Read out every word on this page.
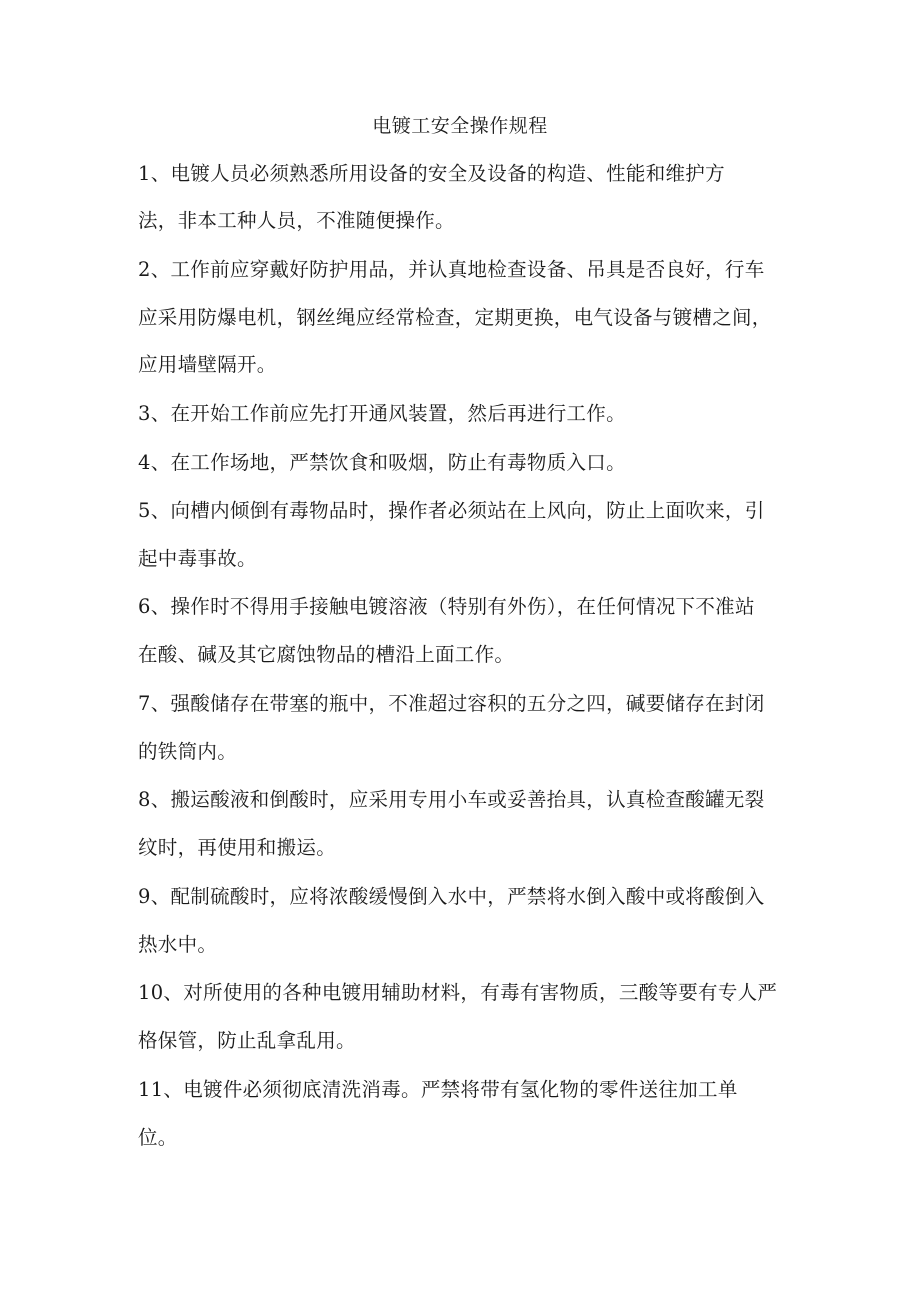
电镀工安全操作规程
1、电镀人员必须熟悉所用设备的安全及设备的构造、性能和维护方
法，非本工种人员，不准随便操作。
2、工作前应穿戴好防护用品，并认真地检查设备、吊具是否良好，行车
应采用防爆电机，钢丝绳应经常检查，定期更换，电气设备与镀槽之间，
应用墙壁隔开。
3、在开始工作前应先打开通风装置，然后再进行工作。
4、在工作场地，严禁饮食和吸烟，防止有毒物质入口。
5、向槽内倾倒有毒物品时，操作者必须站在上风向，防止上面吹来，引
起中毒事故。
6、操作时不得用手接触电镀溶液（特别有外伤），在任何情况下不准站
在酸、碱及其它腐蚀物品的槽沿上面工作。
7、强酸储存在带塞的瓶中，不准超过容积的五分之四，碱要储存在封闭
的铁筒内。
8、搬运酸液和倒酸时，应采用专用小车或妥善抬具，认真检查酸罐无裂
纹时，再使用和搬运。
9、配制硫酸时，应将浓酸缓慢倒入水中，严禁将水倒入酸中或将酸倒入
热水中。
10、对所使用的各种电镀用辅助材料，有毒有害物质，三酸等要有专人严
格保管，防止乱拿乱用。
11、电镀件必须彻底清洗消毒。严禁将带有氢化物的零件送往加工单
位。
